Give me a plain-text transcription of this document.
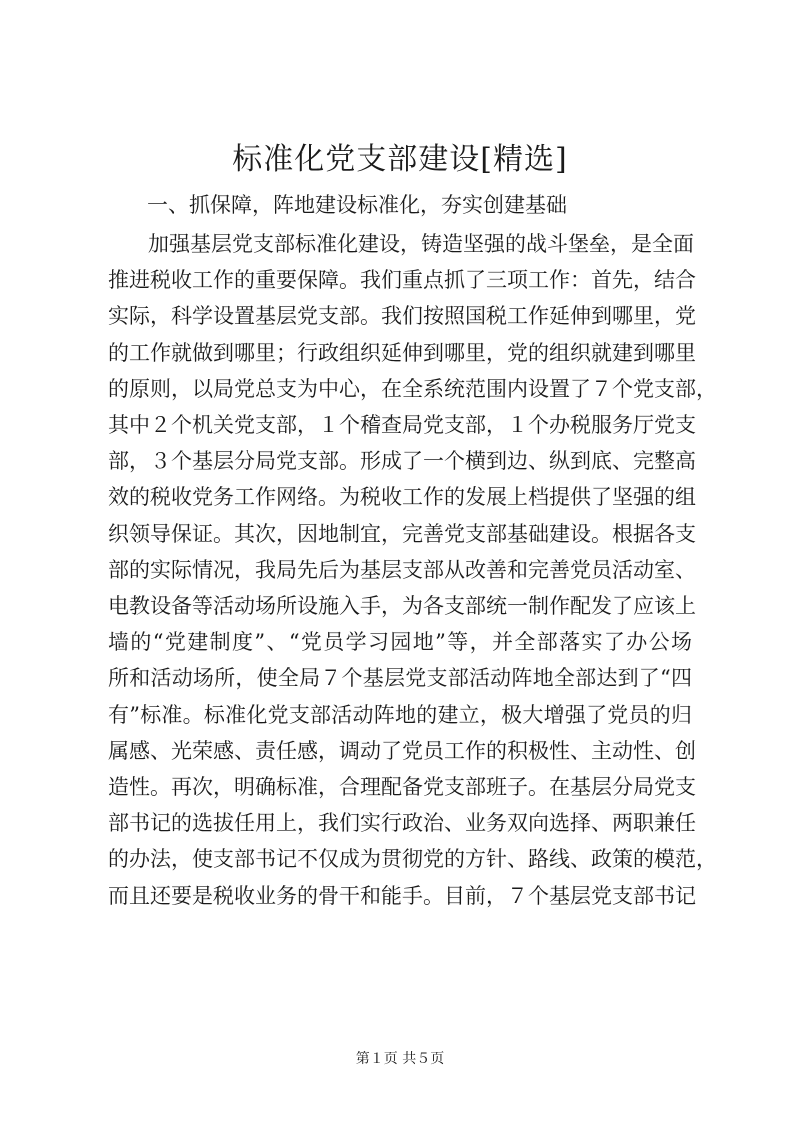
标准化党支部建设[精选]

一、抓保障，阵地建设标准化，夯实创建基础

加强基层党支部标准化建设，铸造坚强的战斗堡垒，是全面
推进税收工作的重要保障。我们重点抓了三项工作：首先，结合
实际，科学设置基层党支部。我们按照国税工作延伸到哪里，党
的工作就做到哪里；行政组织延伸到哪里，党的组织就建到哪里
的原则，以局党总支为中心，在全系统范围内设置了７个党支部，
其中２个机关党支部，１个稽查局党支部，１个办税服务厅党支
部，３个基层分局党支部。形成了一个横到边、纵到底、完整高
效的税收党务工作网络。为税收工作的发展上档提供了坚强的组
织领导保证。其次，因地制宜，完善党支部基础建设。根据各支
部的实际情况，我局先后为基层支部从改善和完善党员活动室、
电教设备等活动场所设施入手，为各支部统一制作配发了应该上
墙的“党建制度”、“党员学习园地”等，并全部落实了办公场
所和活动场所，使全局７个基层党支部活动阵地全部达到了“四
有”标准。标准化党支部活动阵地的建立，极大增强了党员的归
属感、光荣感、责任感，调动了党员工作的积极性、主动性、创
造性。再次，明确标准，合理配备党支部班子。在基层分局党支
部书记的选拔任用上，我们实行政治、业务双向选择、两职兼任
的办法，使支部书记不仅成为贯彻党的方针、路线、政策的模范，
而且还要是税收业务的骨干和能手。目前，７个基层党支部书记

第１页 共５页
